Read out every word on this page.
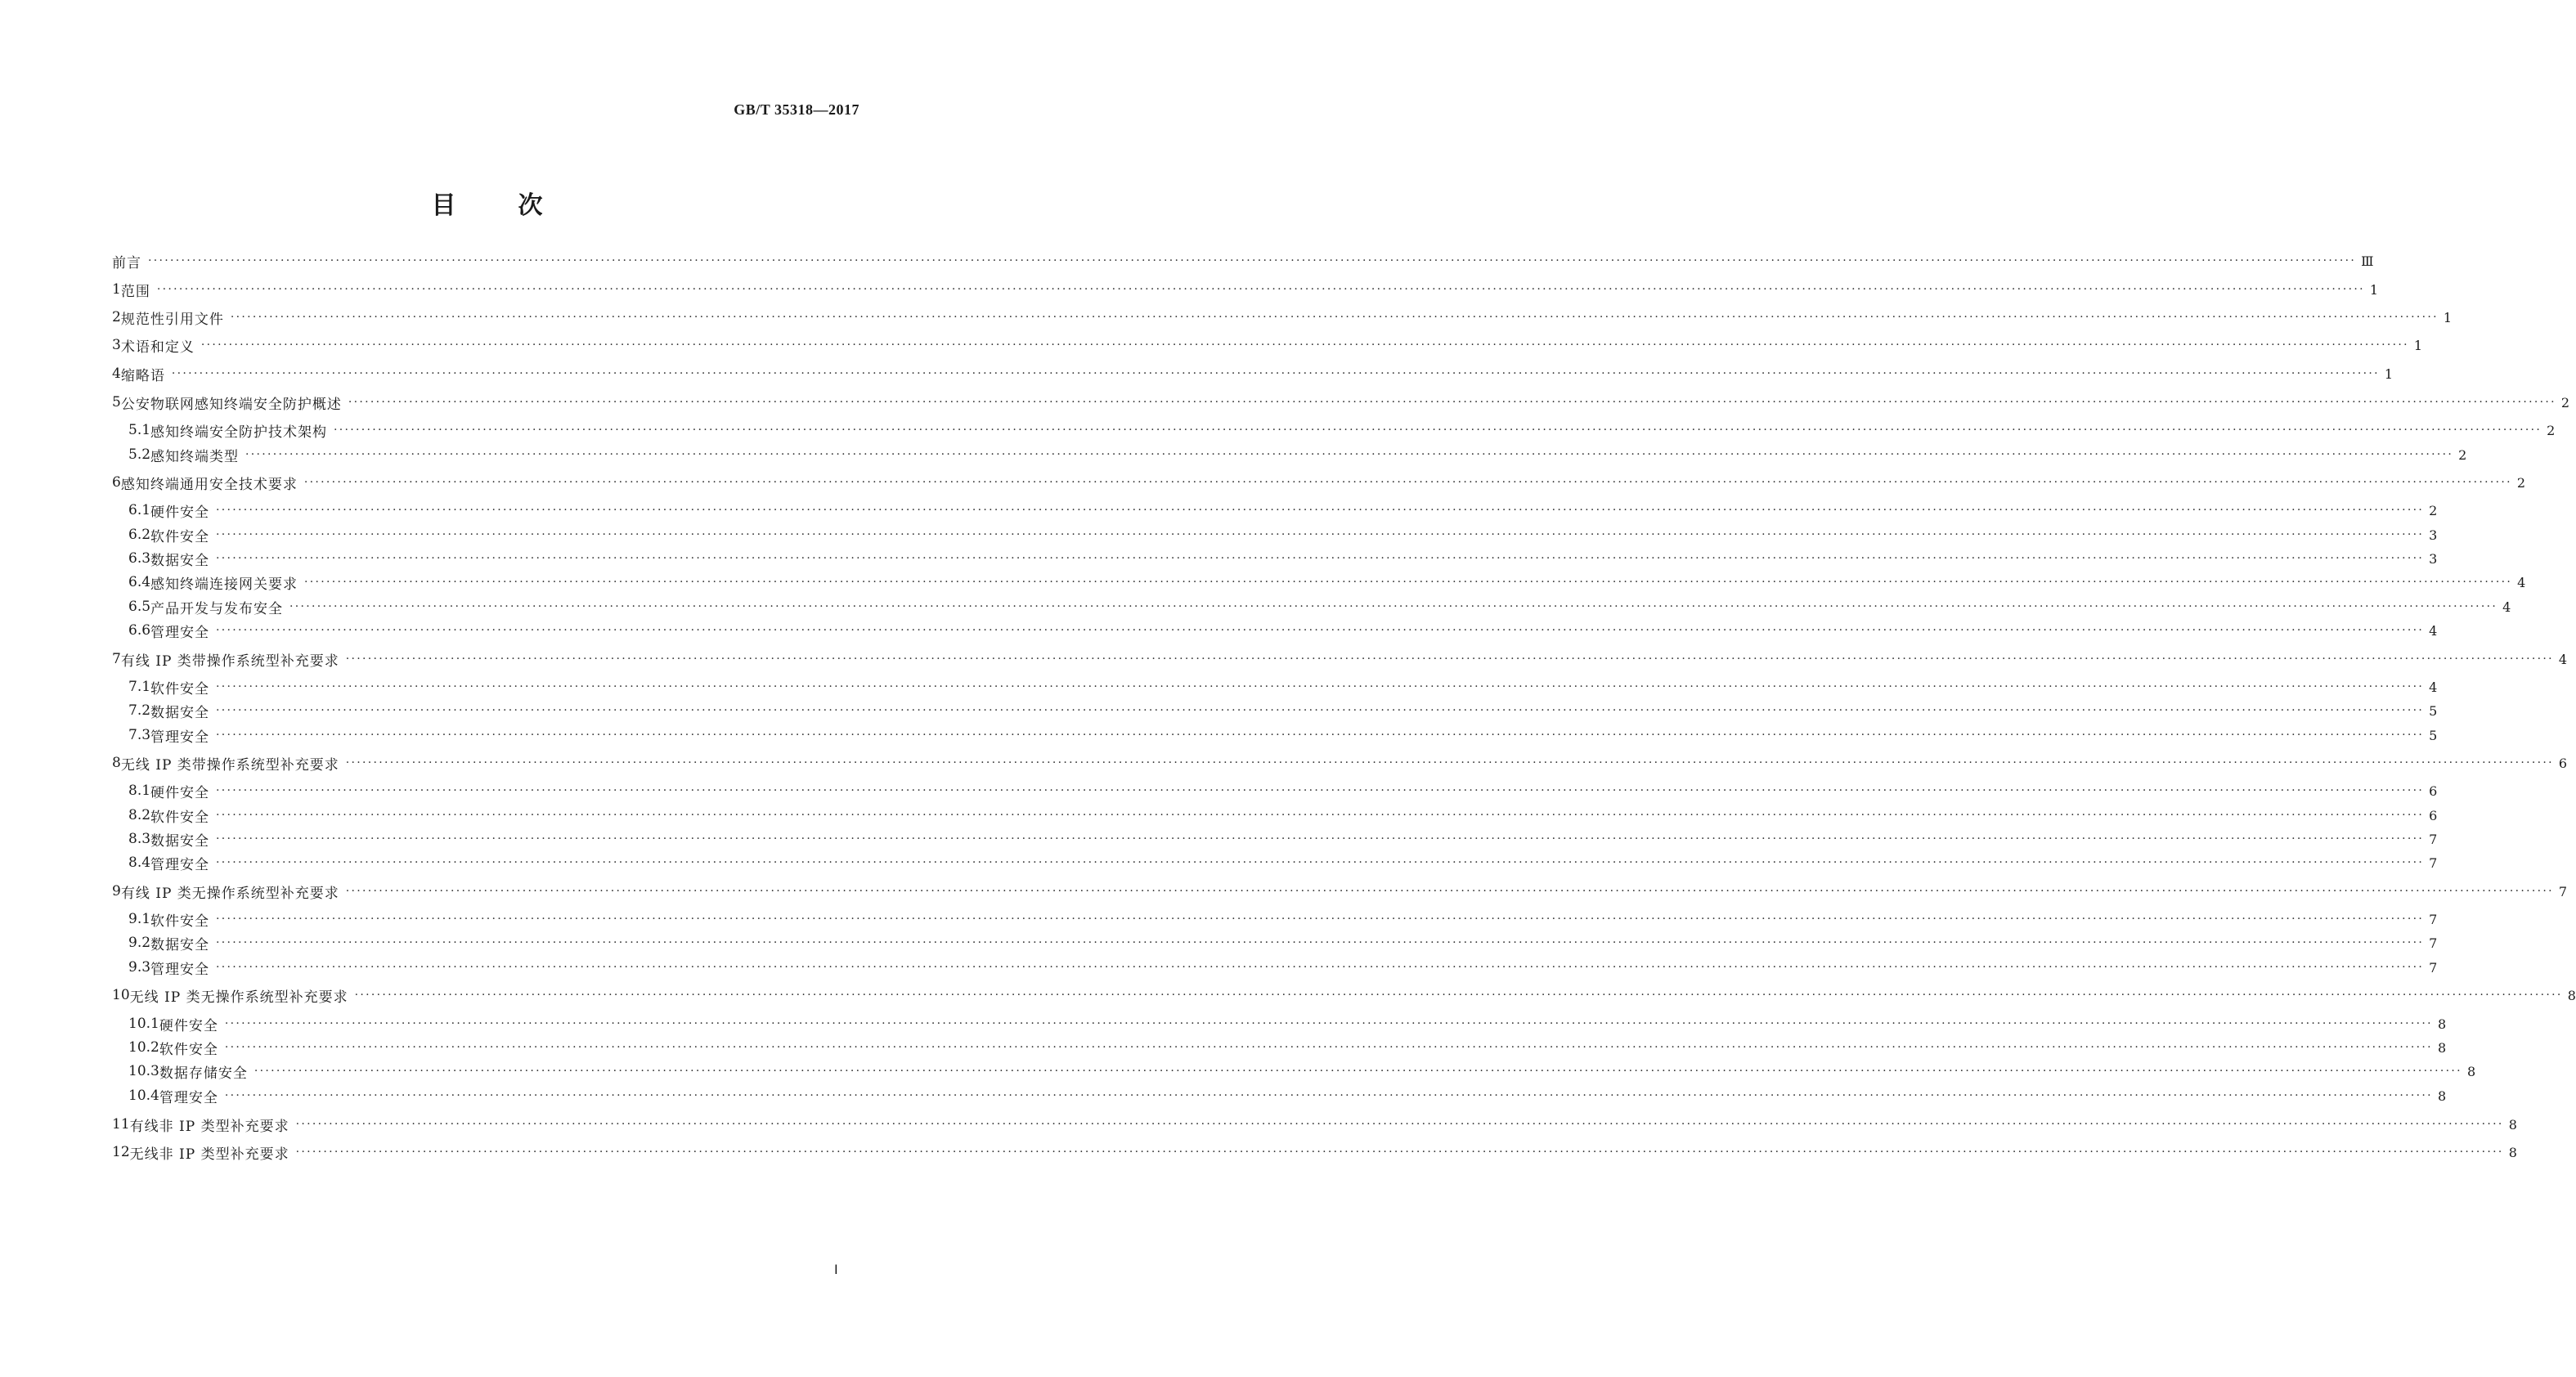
GB/T 35318—2017
目次
前言 ················································································································································································································································································································································································································ Ⅲ
1 范围 ················································································································································································································································································································································································································ 1
2 规范性引用文件 ················································································································································································································································································································································································································ 1
3 术语和定义 ················································································································································································································································································································································································································ 1
4 缩略语 ················································································································································································································································································································································································································ 1
5 公安物联网感知终端安全防护概述 ················································································································································································································································································································································································································ 2
5.1 感知终端安全防护技术架构 ················································································································································································································································································································································································································ 2
5.2 感知终端类型 ················································································································································································································································································································································································································ 2
6 感知终端通用安全技术要求 ················································································································································································································································································································································································································ 2
6.1 硬件安全 ················································································································································································································································································································································································································ 2
6.2 软件安全 ················································································································································································································································································································································································································ 3
6.3 数据安全 ················································································································································································································································································································································································································ 3
6.4 感知终端连接网关要求 ················································································································································································································································································································································································································ 4
6.5 产品开发与发布安全 ················································································································································································································································································································································································································ 4
6.6 管理安全 ················································································································································································································································································································································································································ 4
7 有线 IP 类带操作系统型补充要求 ················································································································································································································································································································································································································ 4
7.1 软件安全 ················································································································································································································································································································································································································ 4
7.2 数据安全 ················································································································································································································································································································································································································ 5
7.3 管理安全 ················································································································································································································································································································································································································ 5
8 无线 IP 类带操作系统型补充要求 ················································································································································································································································································································································································································ 6
8.1 硬件安全 ················································································································································································································································································································································································································ 6
8.2 软件安全 ················································································································································································································································································································································································································ 6
8.3 数据安全 ················································································································································································································································································································································································································ 7
8.4 管理安全 ················································································································································································································································································································································································································ 7
9 有线 IP 类无操作系统型补充要求 ················································································································································································································································································································································································································ 7
9.1 软件安全 ················································································································································································································································································································································································································ 7
9.2 数据安全 ················································································································································································································································································································································································································ 7
9.3 管理安全 ················································································································································································································································································································································································································ 7
10 无线 IP 类无操作系统型补充要求 ················································································································································································································································································································································································································ 8
10.1 硬件安全 ················································································································································································································································································································································································································ 8
10.2 软件安全 ················································································································································································································································································································································································································ 8
10.3 数据存储安全 ················································································································································································································································································································································································································ 8
10.4 管理安全 ················································································································································································································································································································································································································ 8
11 有线非 IP 类型补充要求 ················································································································································································································································································································································································································ 8
12 无线非 IP 类型补充要求 ················································································································································································································································································································································································································ 8
Ⅰ
